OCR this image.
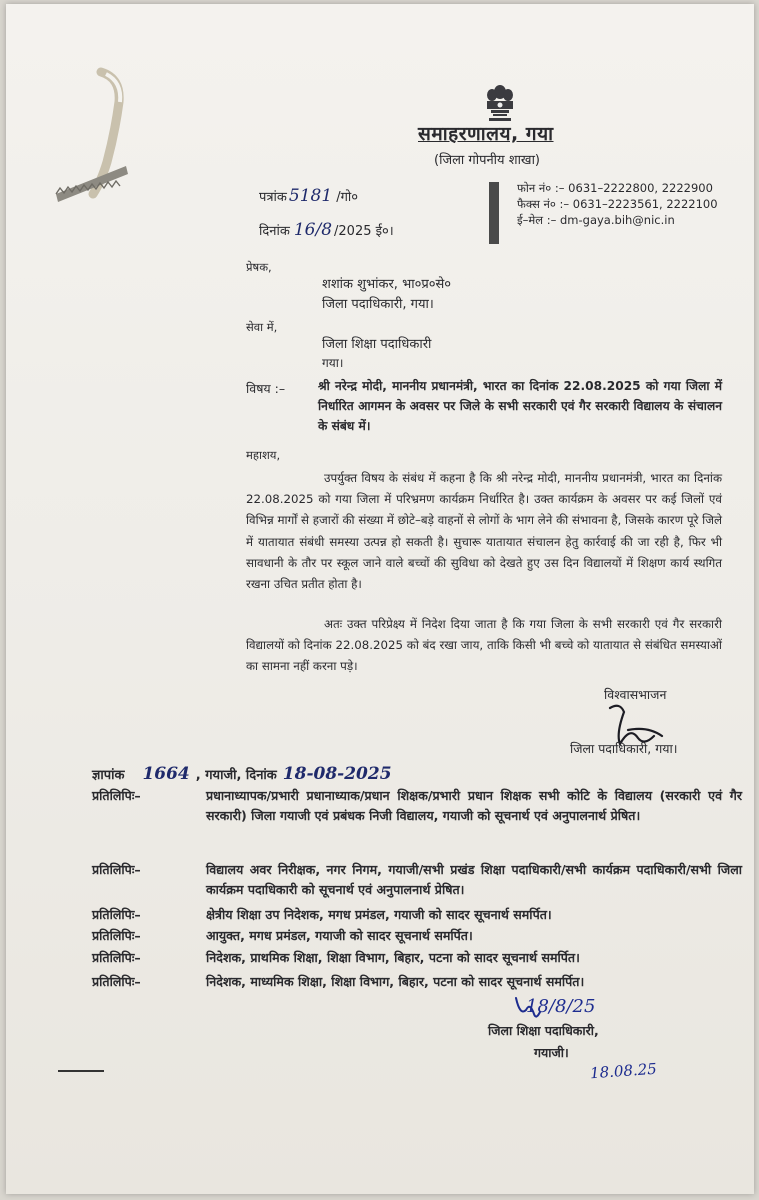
समाहरणालय, गया
(जिला गोपनीय शाखा)
पत्रांक 5181 /गो०
दिनांक 16/8 /2025 ई०।
फोन नं० :– 0631–2222800, 2222900
फैक्स नं० :– 0631–2223561, 2222100
ई–मेल :– dm-gaya.bih@nic.in
प्रेषक,
शशांक शुभांकर, भा०प्र०से०
जिला पदाधिकारी, गया।
सेवा में,
जिला शिक्षा पदाधिकारी
गया।
विषय :–	श्री नरेन्द्र मोदी, माननीय प्रधानमंत्री, भारत का दिनांक 22.08.2025 को गया जिला में निर्धारित आगमन के अवसर पर जिले के सभी सरकारी एवं गैर सरकारी विद्यालय के संचालन के संबंध में।
महाशय,
उपर्युक्त विषय के संबंध में कहना है कि श्री नरेन्द्र मोदी, माननीय प्रधानमंत्री, भारत का दिनांक 22.08.2025 को गया जिला में परिभ्रमण कार्यक्रम निर्धारित है। उक्त कार्यक्रम के अवसर पर कई जिलों एवं विभिन्न मार्गों से हजारों की संख्या में छोटे–बड़े वाहनों से लोगों के भाग लेने की संभावना है, जिसके कारण पूरे जिले में यातायात संबंधी समस्या उत्पन्न हो सकती है। सुचारू यातायात संचालन हेतु कार्रवाई की जा रही है, फिर भी सावधानी के तौर पर स्कूल जाने वाले बच्चों की सुविधा को देखते हुए उस दिन विद्यालयों में शिक्षण कार्य स्थगित रखना उचित प्रतीत होता है।
अतः उक्त परिप्रेक्ष्य में निदेश दिया जाता है कि गया जिला के सभी सरकारी एवं गैर सरकारी विद्यालयों को दिनांक 22.08.2025 को बंद रखा जाय, ताकि किसी भी बच्चे को यातायात से संबंधित समस्याओं का सामना नहीं करना पड़े।
विश्वासभाजन
जिला पदाधिकारी, गया।
ज्ञापांक 1664 , गयाजी, दिनांक 18-08-2025
प्रतिलिपिः–	प्रधानाध्यापक/प्रभारी प्रधानाध्याक/प्रधान शिक्षक/प्रभारी प्रधान शिक्षक सभी कोटि के विद्यालय (सरकारी एवं गैर सरकारी) जिला गयाजी एवं प्रबंधक निजी विद्यालय, गयाजी को सूचनार्थ एवं अनुपालनार्थ प्रेषित।
प्रतिलिपिः–	विद्यालय अवर निरीक्षक, नगर निगम, गयाजी/सभी प्रखंड शिक्षा पदाधिकारी/सभी कार्यक्रम पदाधिकारी/सभी जिला कार्यक्रम पदाधिकारी को सूचनार्थ एवं अनुपालनार्थ प्रेषित।
प्रतिलिपिः–	क्षेत्रीय शिक्षा उप निदेशक, मगध प्रमंडल, गयाजी को सादर सूचनार्थ समर्पित।
प्रतिलिपिः–	आयुक्त, मगध प्रमंडल, गयाजी को सादर सूचनार्थ समर्पित।
प्रतिलिपिः–	निदेशक, प्राथमिक शिक्षा, शिक्षा विभाग, बिहार, पटना को सादर सूचनार्थ समर्पित।
प्रतिलिपिः–	निदेशक, माध्यमिक शिक्षा, शिक्षा विभाग, बिहार, पटना को सादर सूचनार्थ समर्पित।
18/8/25
जिला शिक्षा पदाधिकारी,
गयाजी।
18.08.25
